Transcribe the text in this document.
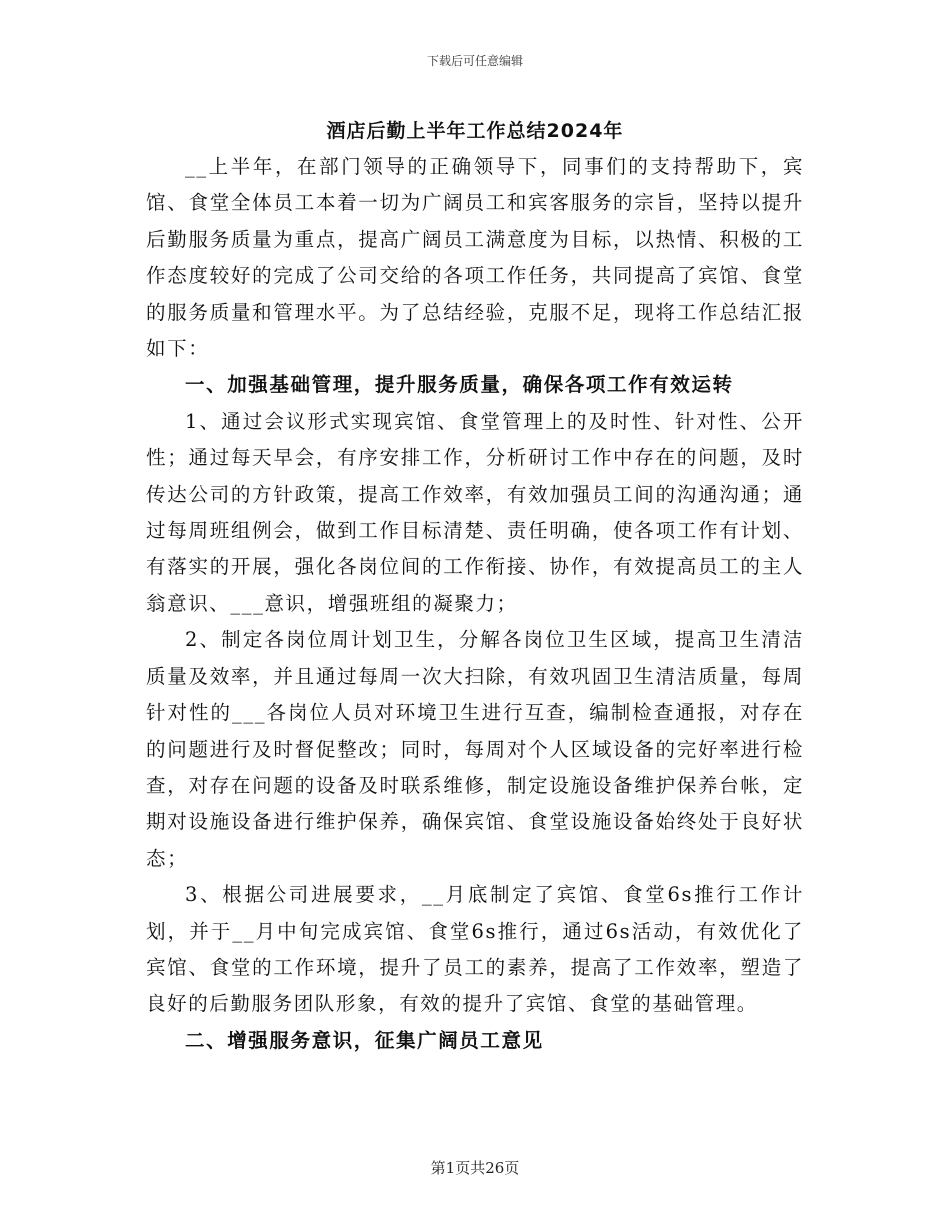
下载后可任意编辑
酒店后勤上半年工作总结2024年

__上半年，在部门领导的正确领导下，同事们的支持帮助下，宾馆、食堂全体员工本着一切为广阔员工和宾客服务的宗旨，坚持以提升后勤服务质量为重点，提高广阔员工满意度为目标，以热情、积极的工作态度较好的完成了公司交给的各项工作任务，共同提高了宾馆、食堂的服务质量和管理水平。为了总结经验，克服不足，现将工作总结汇报如下：

一、加强基础管理，提升服务质量，确保各项工作有效运转

1、通过会议形式实现宾馆、食堂管理上的及时性、针对性、公开性；通过每天早会，有序安排工作，分析研讨工作中存在的问题，及时传达公司的方针政策，提高工作效率，有效加强员工间的沟通沟通；通过每周班组例会，做到工作目标清楚、责任明确，使各项工作有计划、有落实的开展，强化各岗位间的工作衔接、协作，有效提高员工的主人翁意识、___意识，增强班组的凝聚力；

2、制定各岗位周计划卫生，分解各岗位卫生区域，提高卫生清洁质量及效率，并且通过每周一次大扫除，有效巩固卫生清洁质量，每周针对性的___各岗位人员对环境卫生进行互查，编制检查通报，对存在的问题进行及时督促整改；同时，每周对个人区域设备的完好率进行检查，对存在问题的设备及时联系维修，制定设施设备维护保养台帐，定期对设施设备进行维护保养，确保宾馆、食堂设施设备始终处于良好状态；

3、根据公司进展要求，__月底制定了宾馆、食堂6s推行工作计划，并于__月中旬完成宾馆、食堂6s推行，通过6s活动，有效优化了宾馆、食堂的工作环境，提升了员工的素养，提高了工作效率，塑造了良好的后勤服务团队形象，有效的提升了宾馆、食堂的基础管理。

二、增强服务意识，征集广阔员工意见
第1页共26页
